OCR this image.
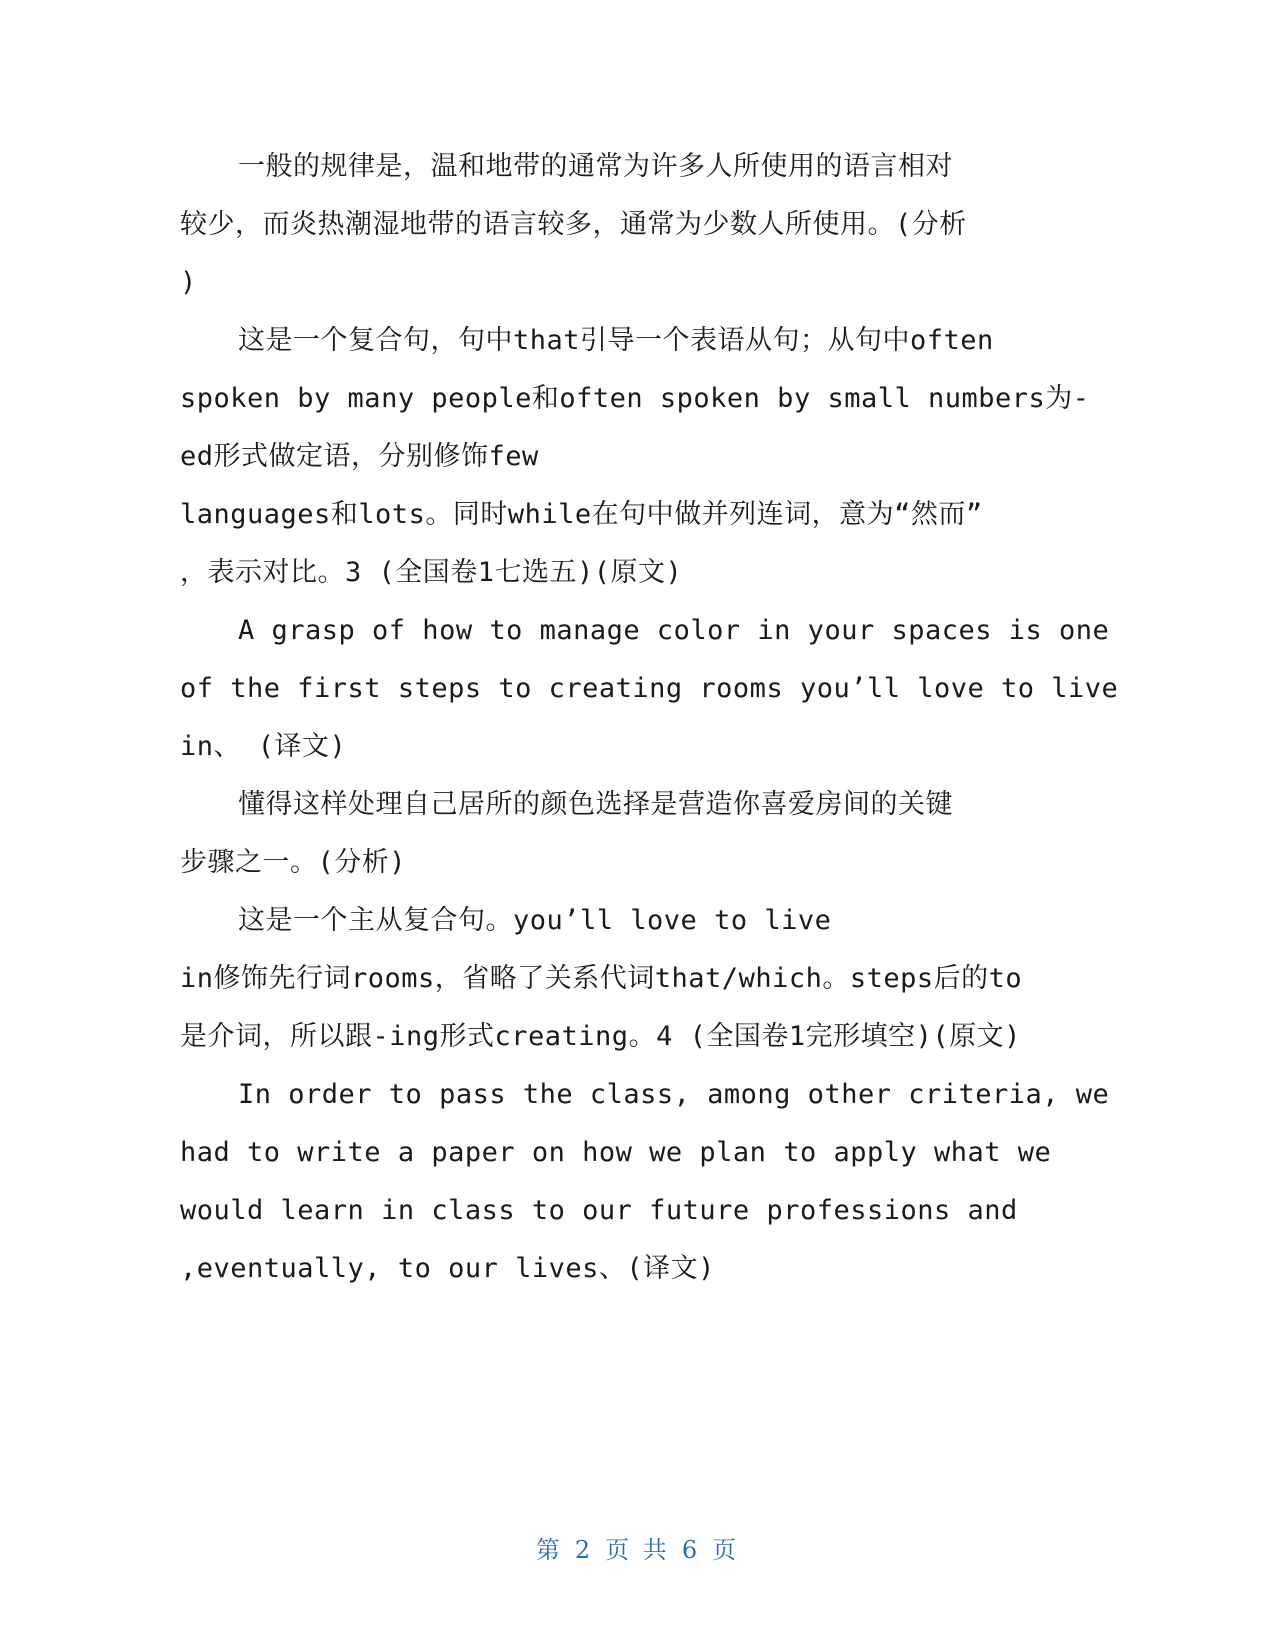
一般的规律是，温和地带的通常为许多人所使用的语言相对
较少，而炎热潮湿地带的语言较多，通常为少数人所使用。(分析
)
这是一个复合句，句中that引导一个表语从句；从句中often
spoken by many people和often spoken by small numbers为-
ed形式做定语，分别修饰few
languages和lots。同时while在句中做并列连词，意为“然而”
，表示对比。3 (全国卷1七选五)(原文)
A grasp of how to manage color in your spaces is one
of the first steps to creating rooms you’ll love to live
in、 (译文)
懂得这样处理自己居所的颜色选择是营造你喜爱房间的关键
步骤之一。(分析)
这是一个主从复合句。you’ll love to live
in修饰先行词rooms，省略了关系代词that/which。steps后的to
是介词，所以跟-ing形式creating。4 (全国卷1完形填空)(原文)
In order to pass the class, among other criteria, we
had to write a paper on how we plan to apply what we
would learn in class to our future professions and
,eventually, to our lives、(译文)
第 2 页 共 6 页
